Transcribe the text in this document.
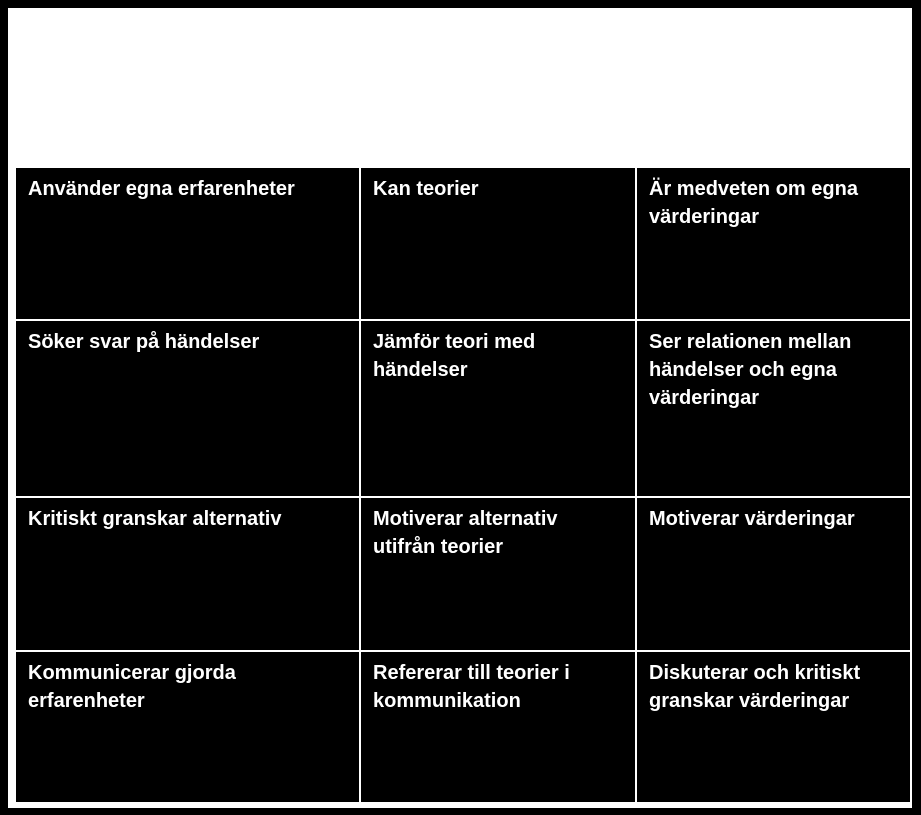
Använder egna erfarenheter	Kan teorier	Är medveten om egna värderingar
Söker svar på händelser	Jämför teori med händelser	Ser relationen mellan händelser och egna värderingar
Kritiskt granskar alternativ	Motiverar alternativ utifrån teorier	Motiverar värderingar
Kommunicerar gjorda erfarenheter	Refererar till teorier i kommunikation	Diskuterar och kritiskt granskar värderingar
